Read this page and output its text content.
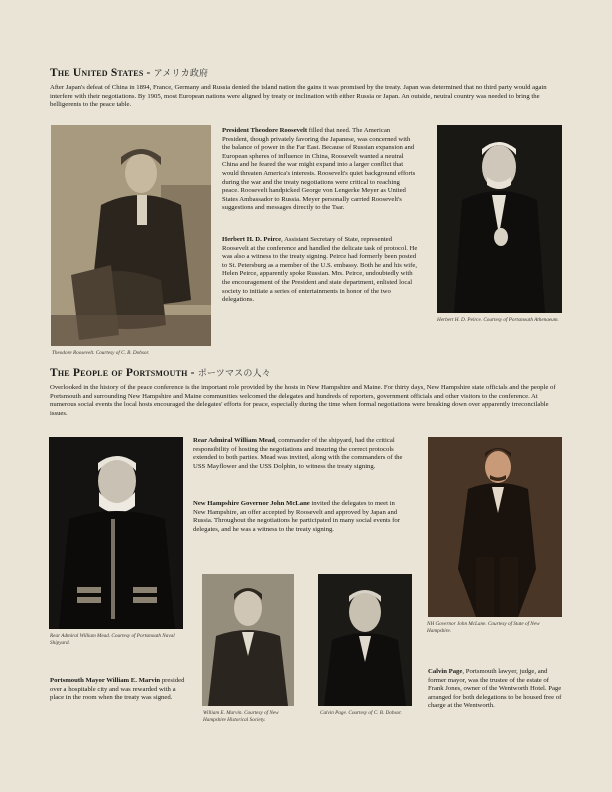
The United States - アメリカ政府
After Japan's defeat of China in 1894, France, Germany and Russia denied the island nation the gains it was promised by the treaty. Japan was determined that no third party would again interfere with their negotiations. By 1905, most European nations were aligned by treaty or inclination with either Russia or Japan. An outside, neutral country was needed to bring the belligerents to the peace table.
Theodore Roosevelt. Courtesy of C. B. Dobsor.
President Theodore Roosevelt filled that need. The American President, though privately favoring the Japanese, was concerned with the balance of power in the Far East. Because of Russian expansion and European spheres of influence in China, Roosevelt wanted a neutral China and he feared the war might expand into a larger conflict that would threaten America's interests. Roosevelt's quiet background efforts during the war and the treaty negotiations were critical to reaching peace. Roosevelt handpicked George von Lengerke Meyer as United States Ambassador to Russia. Meyer personally carried Roosevelt's suggestions and messages directly to the Tsar.
Herbert H. D. Peirce, Assistant Secretary of State, represented Roosevelt at the conference and handled the delicate task of protocol. He was also a witness to the treaty signing. Peirce had formerly been posted to St. Petersburg as a member of the U.S. embassy. Both he and his wife, Helen Peirce, apparently spoke Russian. Mrs. Peirce, undoubtedly with the encouragement of the President and state department, enlisted local society to initiate a series of entertainments in honor of the two delegations.
Herbert H. D. Peirce. Courtesy of Portsmouth Athenaeum.
The People of Portsmouth - ポーツマスの人々
Overlooked in the history of the peace conference is the important role provided by the hosts in New Hampshire and Maine. For thirty days, New Hampshire state officials and the people of Portsmouth and surrounding New Hampshire and Maine communities welcomed the delegates and hundreds of reporters, government officials and other visitors to the conference. At numerous social events the local hosts encouraged the delegates' efforts for peace, especially during the time when formal negotiations were breaking down over apparently irreconcilable issues.
Rear Admiral William Mead. Courtesy of Portsmouth Naval Shipyard.
Rear Admiral William Mead, commander of the shipyard, had the critical responsibility of hosting the negotiations and insuring the correct protocols extended to both parties. Mead was invited, along with the commanders of the USS Mayflower and the USS Dolphin, to witness the treaty signing.
New Hampshire Governor John McLane invited the delegates to meet in New Hampshire, an offer accepted by Roosevelt and approved by Japan and Russia. Throughout the negotiations he participated in many social events for delegates, and he was a witness to the treaty signing.
NH Governor John McLane. Courtesy of State of New Hampshire.
Portsmouth Mayor William E. Marvin presided over a hospitable city and was rewarded with a place in the room when the treaty was signed.
William E. Marvin. Courtesy of New Hampshire Historical Society.
Calvin Page. Courtesy of C. B. Dobsor.
Calvin Page, Portsmouth lawyer, judge, and former mayor, was the trustee of the estate of Frank Jones, owner of the Wentworth Hotel. Page arranged for both delegations to be housed free of charge at the Wentworth.
